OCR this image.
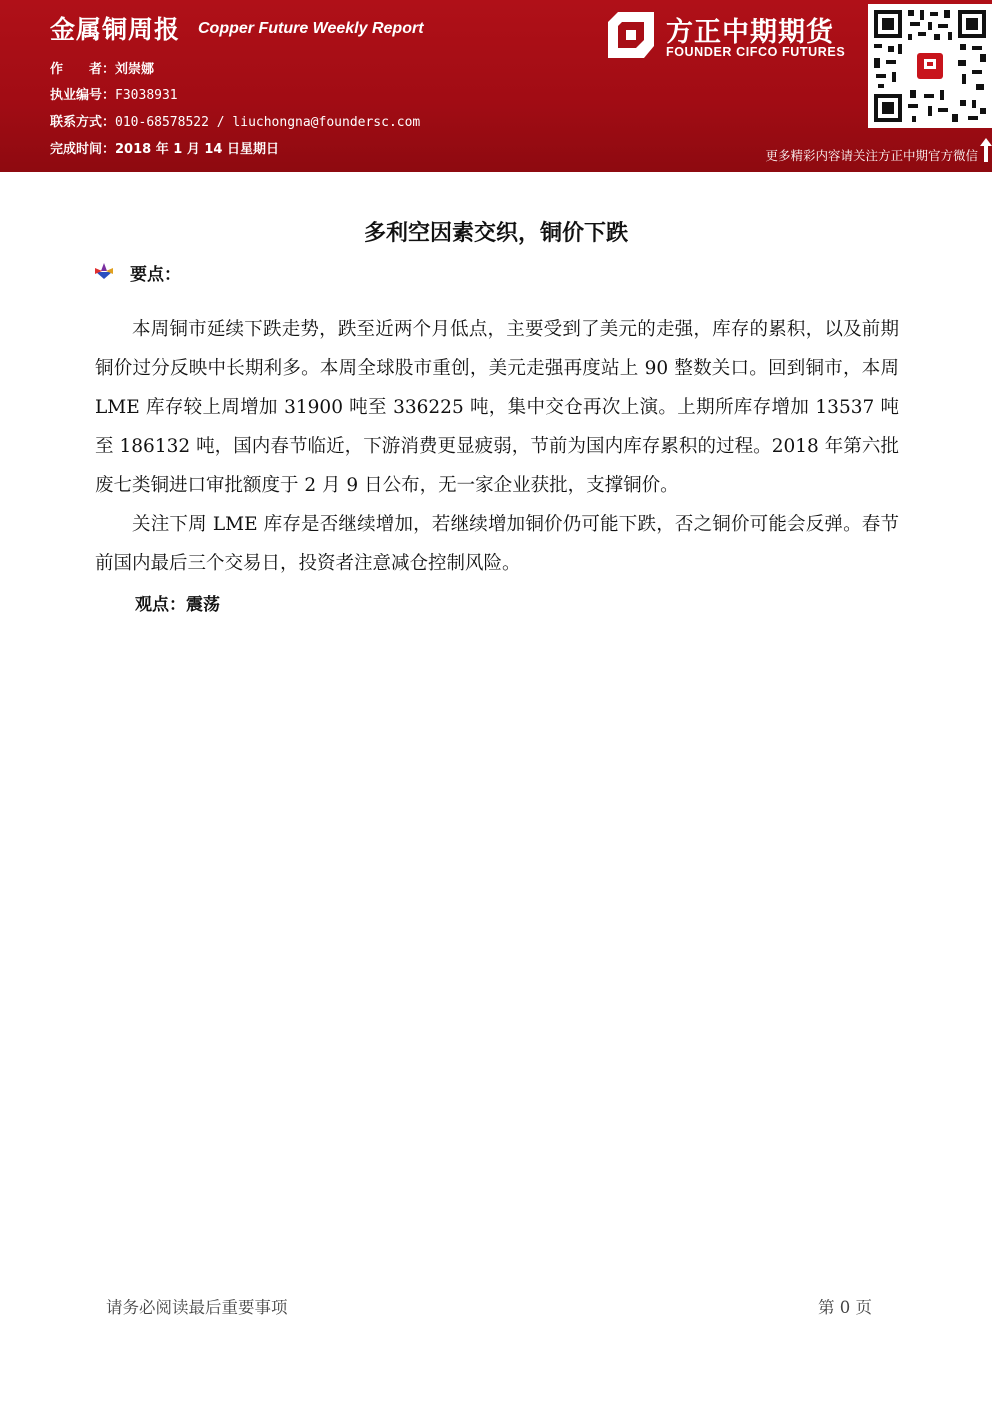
金属铜周报 Copper Future Weekly Report
作　　者：刘崇娜
执业编号：F3038931
联系方式：010-68578522 / liuchongna@foundersc.com
完成时间：2018 年 1 月 14 日星期日
方正中期期货
FOUNDER CIFCO FUTURES
更多精彩内容请关注方正中期官方微信
多利空因素交织，铜价下跌
要点：

本周铜市延续下跌走势，跌至近两个月低点，主要受到了美元的走强，库存的累积，以及前期铜价过分反映中长期利多。本周全球股市重创，美元走强再度站上 90 整数关口。回到铜市，本周 LME 库存较上周增加 31900 吨至 336225 吨，集中交仓再次上演。上期所库存增加 13537 吨至 186132 吨，国内春节临近，下游消费更显疲弱，节前为国内库存累积的过程。2018 年第六批废七类铜进口审批额度于 2 月 9 日公布，无一家企业获批，支撑铜价。

关注下周 LME 库存是否继续增加，若继续增加铜价仍可能下跌，否之铜价可能会反弹。春节前国内最后三个交易日，投资者注意减仓控制风险。

观点：震荡
请务必阅读最后重要事项	第 0 页
